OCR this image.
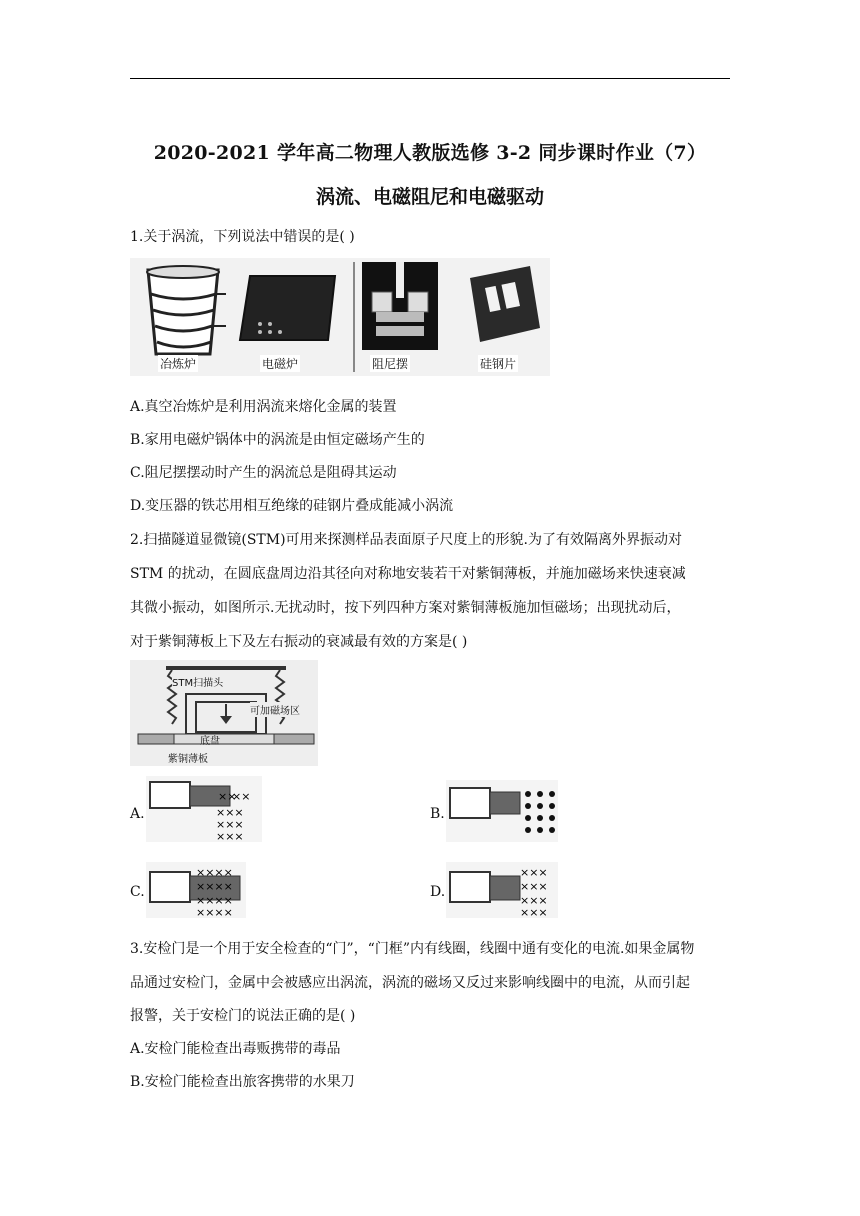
2020-2021 学年高二物理人教版选修 3-2 同步课时作业（7）
涡流、电磁阻尼和电磁驱动
1.关于涡流，下列说法中错误的是( )
冶炼炉	电磁炉	阻尼摆	硅钢片
A.真空冶炼炉是利用涡流来熔化金属的装置
B.家用电磁炉锅体中的涡流是由恒定磁场产生的
C.阻尼摆摆动时产生的涡流总是阻碍其运动
D.变压器的铁芯用相互绝缘的硅钢片叠成能减小涡流
2.扫描隧道显微镜(STM)可用来探测样品表面原子尺度上的形貌.为了有效隔离外界振动对
STM 的扰动，在圆底盘周边沿其径向对称地安装若干对紫铜薄板，并施加磁场来快速衰减
其微小振动，如图所示.无扰动时，按下列四种方案对紫铜薄板施加恒磁场；出现扰动后，
对于紫铜薄板上下及左右振动的衰减最有效的方案是( )
STM扫描头
可加磁场区
底盘
紫铜薄板
A.
××
××
×××
×××
×××
B.
C.
××××
××××
××××
××××
D.
×××
×××
×××
×××
3.安检门是一个用于安全检查的“门”，“门框”内有线圈，线圈中通有变化的电流.如果金属物
品通过安检门，金属中会被感应出涡流，涡流的磁场又反过来影响线圈中的电流，从而引起
报警，关于安检门的说法正确的是( )
A.安检门能检查出毒贩携带的毒品
B.安检门能检查出旅客携带的水果刀
